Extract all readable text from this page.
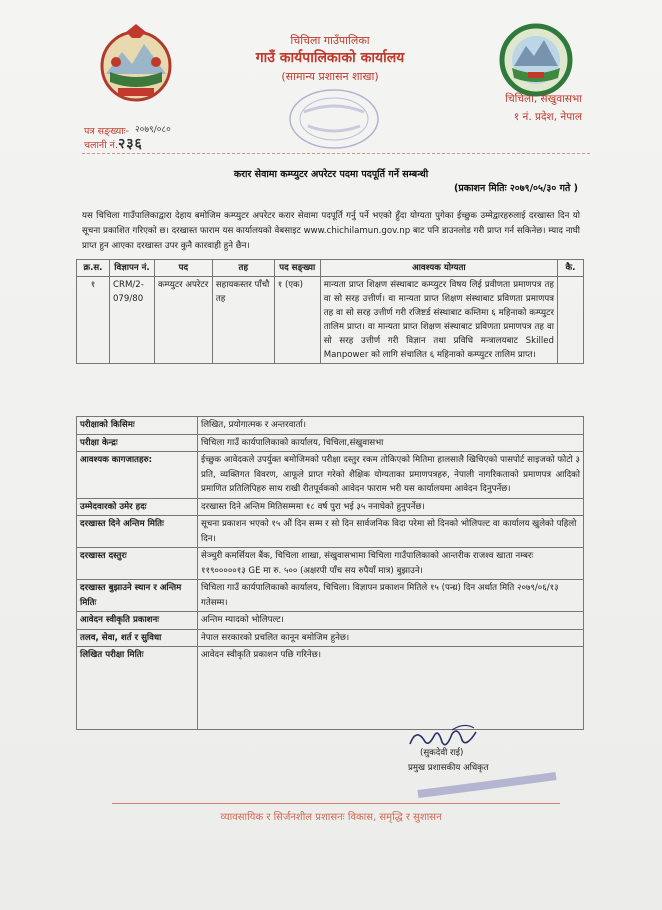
चिचिला गाउँपालिका
गाउँ कार्यपालिकाको कार्यालय
(सामान्य प्रशासन शाखा)
चिचिला, संखुवासभा
१ नं. प्रदेश, नेपाल
पत्र सङ्ख्याः- २०७९/०८०
चलानी नं. २३६
करार सेवामा कम्प्युटर अपरेटर पदमा पदपूर्ति गर्ने सम्बन्धी
(प्रकाशन मितिः २०७९/०५/३० गते )
यस चिचिला गाउँपालिकाद्वारा देहाय बमोजिम कम्प्युटर अपरेटर करार सेवामा पदपूर्ति गर्नु पर्ने भएको हुँदा योग्यता पुगेका ईच्छुक उम्मेद्वारहरुलाई दरखास्त दिन यो सूचना प्रकाशित गरिएको छ। दरखास्त फाराम यस कार्यालयको वेबसाइट www.chichilamun.gov.np बाट पनि डाउनलोड गरी प्राप्त गर्न सकिनेछ। म्याद नाघी प्राप्त हुन आएका दरखास्त उपर कुनै कारवाही हुने छैन।
क्र.स.	विज्ञापन नं.	पद	तह	पद सङ्ख्या	आवश्यक योग्यता	कै.
१	CRM/2-079/80	कम्प्युटर अपरेटर	सहायकस्तर पाँचौ तह	१ (एक)	मान्यता प्राप्त शिक्षण संस्थाबाट कम्प्युटर विषय लिई प्रवीणता प्रमाणपत्र तह वा सो सरह उत्तीर्ण। वा मान्यता प्राप्त शिक्षण संस्थाबाट प्रविणता प्रमाणपत्र तह वा सो सरह उत्तीर्ण गरी रजिष्टर्ड संस्थाबाट कम्तिमा ६ महिनाको कम्प्युटर तालिम प्राप्त। वा मान्यता प्राप्त शिक्षण संस्थाबाट प्रविणता प्रमाणपत्र तह वा सो सरह उत्तीर्ण गरी विज्ञान तथा प्रविधि मन्त्रालयबाट Skilled Manpower को लागि संचालित ६ महिनाको कम्प्युटर तालिम प्राप्त।	
परीक्षाको किसिमः	लिखित, प्रयोगात्मक र अन्तरवार्ता।
परीक्षा केन्द्रः	चिचिला गाउँ कार्यपालिकाको कार्यालय, चिचिला,संखुवासभा
आवश्यक कागजातहरु:	ईच्छुक आवेदकले उपर्युक्त बमोजिमको परीक्षा दस्तुर रकम तोकिएको मितिमा हालसालै खिचिएको पासपोर्ट साइजको फोटो ३ प्रति, व्यक्तिगत विवरण, आफूले प्राप्त गरेको शैक्षिक योग्यताका प्रमाणपत्रहरु, नेपाली नागरिकताको प्रमाणपत्र आदिको प्रमाणित प्रतिलिपिहरु साथ राखी रीतपूर्वकको आवेदन फाराम भरी यस कार्यालयमा आवेदन दिनुपर्नेछ।
उम्मेदवारको उमेर हदः	दरखास्त दिने अन्तिम मितिसम्ममा १८ वर्ष पुरा भई ३५ ननाघेको हुनुपर्नेछ।
दरखास्त दिने अन्तिम मितिः	सूचना प्रकाशन भएको १५ औं दिन सम्म र सो दिन सार्वजनिक विदा परेमा सो दिनको भोलिपल्ट वा कार्यालय खुलेको पहिलो दिन।
दरखास्त दस्तुरः	सेञ्चुरी कमर्सियल बैंक, चिचिला शाखा, संखुवासभामा चिचिला गाउँपालिकाको आन्तरीक राजश्व खाता नम्बरः ११९०००००१३ GE मा रु. ५०० (अक्षरपी पाँच सय रुपैयाँ मात्र) बुझाउने।
दरखास्त बुझाउने स्थान र अन्तिम मितिः	चिचिला गाउँ कार्यपालिकाको कार्यालय, चिचिला। विज्ञापन प्रकाशन मितिले १५ (पन्ध्र) दिन अर्थात मिति २०७९/०६/१३ गतेसम्म।
आवेदन स्वीकृति प्रकाशनः	अन्तिम म्यादको भोलिपल्ट।
तलव, सेवा, शर्त र सुविधा	नेपाल सरकारको प्रचलित कानून बमोजिम हुनेछ।
लिखित परीक्षा मितिः	आवेदन स्वीकृति प्रकाशन पछि गरिनेछ।
(सुकदेवी राई)
प्रमुख प्रशासकीय अधिकृत
व्यावसायिक र सिर्जनशील प्रशासनः विकास, समृद्धि र सुशासन
